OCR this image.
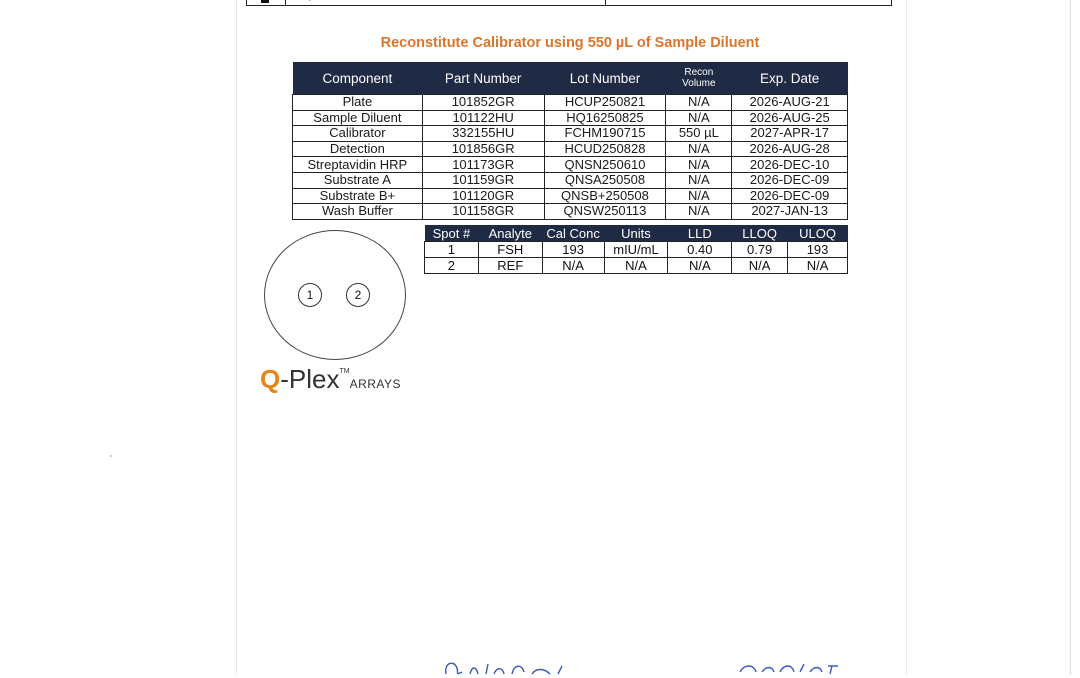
Reconstitute Calibrator using 550 µL of Sample Diluent
Component	Part Number	Lot Number	Recon Volume	Exp. Date
Plate	101852GR	HCUP250821	N/A	2026-AUG-21
Sample Diluent	101122HU	HQ16250825	N/A	2026-AUG-25
Calibrator	332155HU	FCHM190715	550 µL	2027-APR-17
Detection	101856GR	HCUD250828	N/A	2026-AUG-28
Streptavidin HRP	101173GR	QNSN250610	N/A	2026-DEC-10
Substrate A	101159GR	QNSA250508	N/A	2026-DEC-09
Substrate B+	101120GR	QNSB+250508	N/A	2026-DEC-09
Wash Buffer	101158GR	QNSW250113	N/A	2027-JAN-13
1	2
Spot #	Analyte	Cal Conc	Units	LLD	LLOQ	ULOQ
1	FSH	193	mIU/mL	0.40	0.79	193
2	REF	N/A	N/A	N/A	N/A	N/A
Q-Plex™ARRAYS
